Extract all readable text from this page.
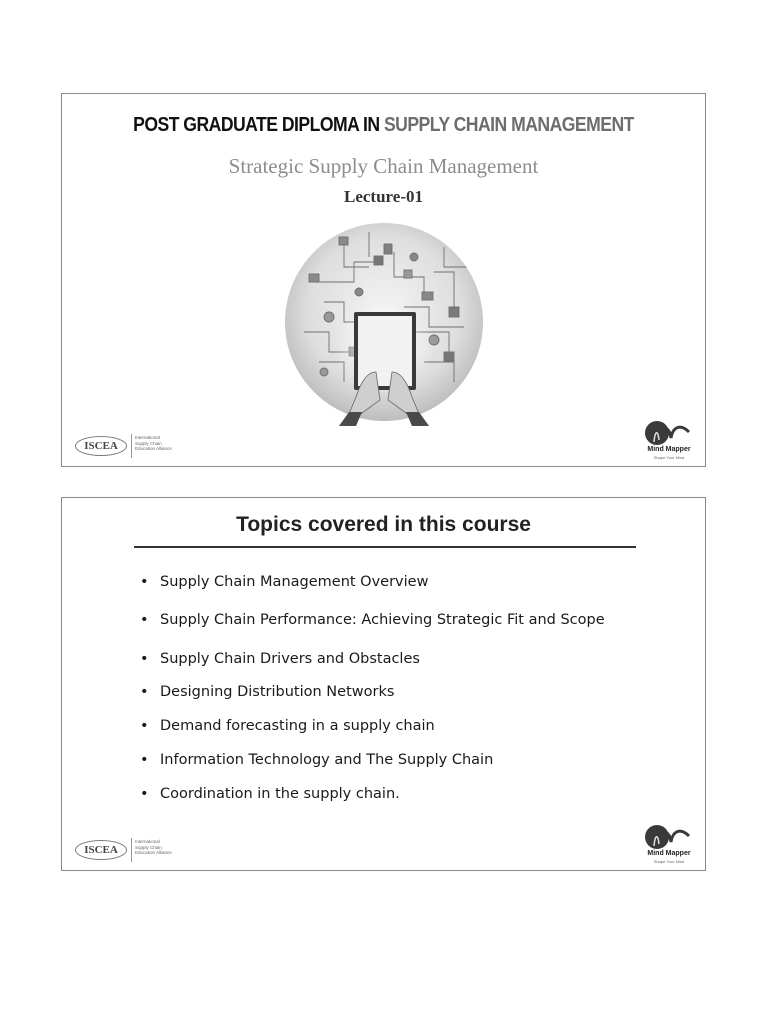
POST GRADUATE DIPLOMA IN SUPPLY CHAIN MANAGEMENT
Strategic Supply Chain Management
Lecture-01
ISCEA
International
Supply Chain
Education Alliance	Mind Mapper
Shape Your Mind
Topics covered in this course
• Supply Chain Management Overview
• Supply Chain Performance: Achieving Strategic Fit and Scope
• Supply Chain Drivers and Obstacles
• Designing Distribution Networks
• Demand forecasting in a supply chain
• Information Technology and The Supply Chain
• Coordination in the supply chain.
ISCEA
International
Supply Chain
Education Alliance	Mind Mapper
Shape Your Mind
